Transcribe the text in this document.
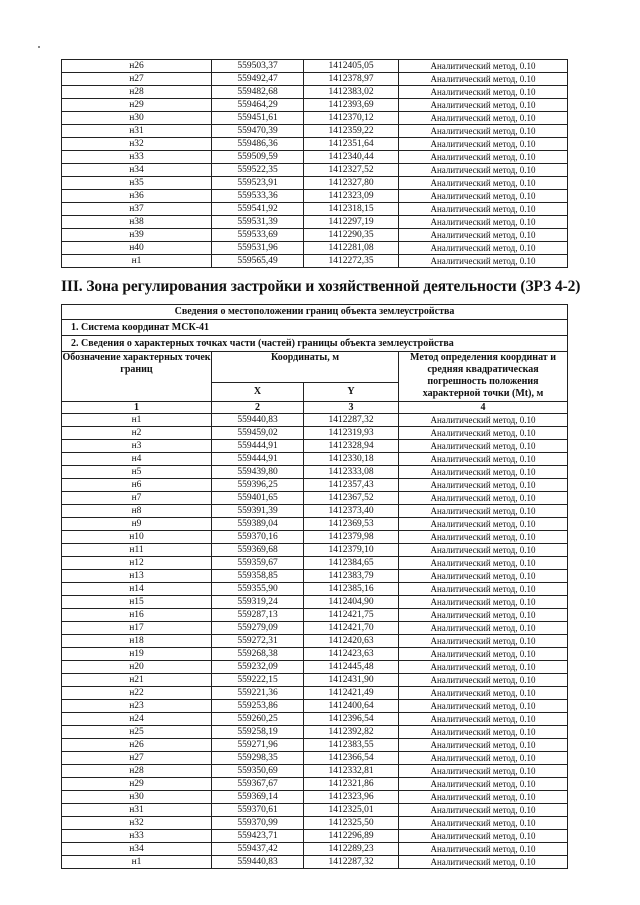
н26	559503,37	1412405,05	Аналитический метод, 0.10
н27	559492,47	1412378,97	Аналитический метод, 0.10
н28	559482,68	1412383,02	Аналитический метод, 0.10
н29	559464,29	1412393,69	Аналитический метод, 0.10
н30	559451,61	1412370,12	Аналитический метод, 0.10
н31	559470,39	1412359,22	Аналитический метод, 0.10
н32	559486,36	1412351,64	Аналитический метод, 0.10
н33	559509,59	1412340,44	Аналитический метод, 0.10
н34	559522,35	1412327,52	Аналитический метод, 0.10
н35	559523,91	1412327,80	Аналитический метод, 0.10
н36	559533,36	1412323,09	Аналитический метод, 0.10
н37	559541,92	1412318,15	Аналитический метод, 0.10
н38	559531,39	1412297,19	Аналитический метод, 0.10
н39	559533,69	1412290,35	Аналитический метод, 0.10
н40	559531,96	1412281,08	Аналитический метод, 0.10
н1	559565,49	1412272,35	Аналитический метод, 0.10
III. Зона регулирования застройки и хозяйственной деятельности (ЗРЗ 4-2)
Сведения о местоположении границ объекта землеустройства			
1. Система координат МСК-41			
2. Сведения о характерных точках части (частей) границы объекта землеустройства			
Обозначение характерных точек границ	Координаты, м		Метод определения координат и средняя квадратическая погрешность положения характерной точки (Mt), м
	X	Y	
1	2	3	4
н1	559440,83	1412287,32	Аналитический метод, 0.10
н2	559459,02	1412319,93	Аналитический метод, 0.10
н3	559444,91	1412328,94	Аналитический метод, 0.10
н4	559444,91	1412330,18	Аналитический метод, 0.10
н5	559439,80	1412333,08	Аналитический метод, 0.10
н6	559396,25	1412357,43	Аналитический метод, 0.10
н7	559401,65	1412367,52	Аналитический метод, 0.10
н8	559391,39	1412373,40	Аналитический метод, 0.10
н9	559389,04	1412369,53	Аналитический метод, 0.10
н10	559370,16	1412379,98	Аналитический метод, 0.10
н11	559369,68	1412379,10	Аналитический метод, 0.10
н12	559359,67	1412384,65	Аналитический метод, 0.10
н13	559358,85	1412383,79	Аналитический метод, 0.10
н14	559355,90	1412385,16	Аналитический метод, 0.10
н15	559319,24	1412404,90	Аналитический метод, 0.10
н16	559287,13	1412421,75	Аналитический метод, 0.10
н17	559279,09	1412421,70	Аналитический метод, 0.10
н18	559272,31	1412420,63	Аналитический метод, 0.10
н19	559268,38	1412423,63	Аналитический метод, 0.10
н20	559232,09	1412445,48	Аналитический метод, 0.10
н21	559222,15	1412431,90	Аналитический метод, 0.10
н22	559221,36	1412421,49	Аналитический метод, 0.10
н23	559253,86	1412400,64	Аналитический метод, 0.10
н24	559260,25	1412396,54	Аналитический метод, 0.10
н25	559258,19	1412392,82	Аналитический метод, 0.10
н26	559271,96	1412383,55	Аналитический метод, 0.10
н27	559298,35	1412366,54	Аналитический метод, 0.10
н28	559350,69	1412332,81	Аналитический метод, 0.10
н29	559367,67	1412321,86	Аналитический метод, 0.10
н30	559369,14	1412323,96	Аналитический метод, 0.10
н31	559370,61	1412325,01	Аналитический метод, 0.10
н32	559370,99	1412325,50	Аналитический метод, 0.10
н33	559423,71	1412296,89	Аналитический метод, 0.10
н34	559437,42	1412289,23	Аналитический метод, 0.10
н1	559440,83	1412287,32	Аналитический метод, 0.10
